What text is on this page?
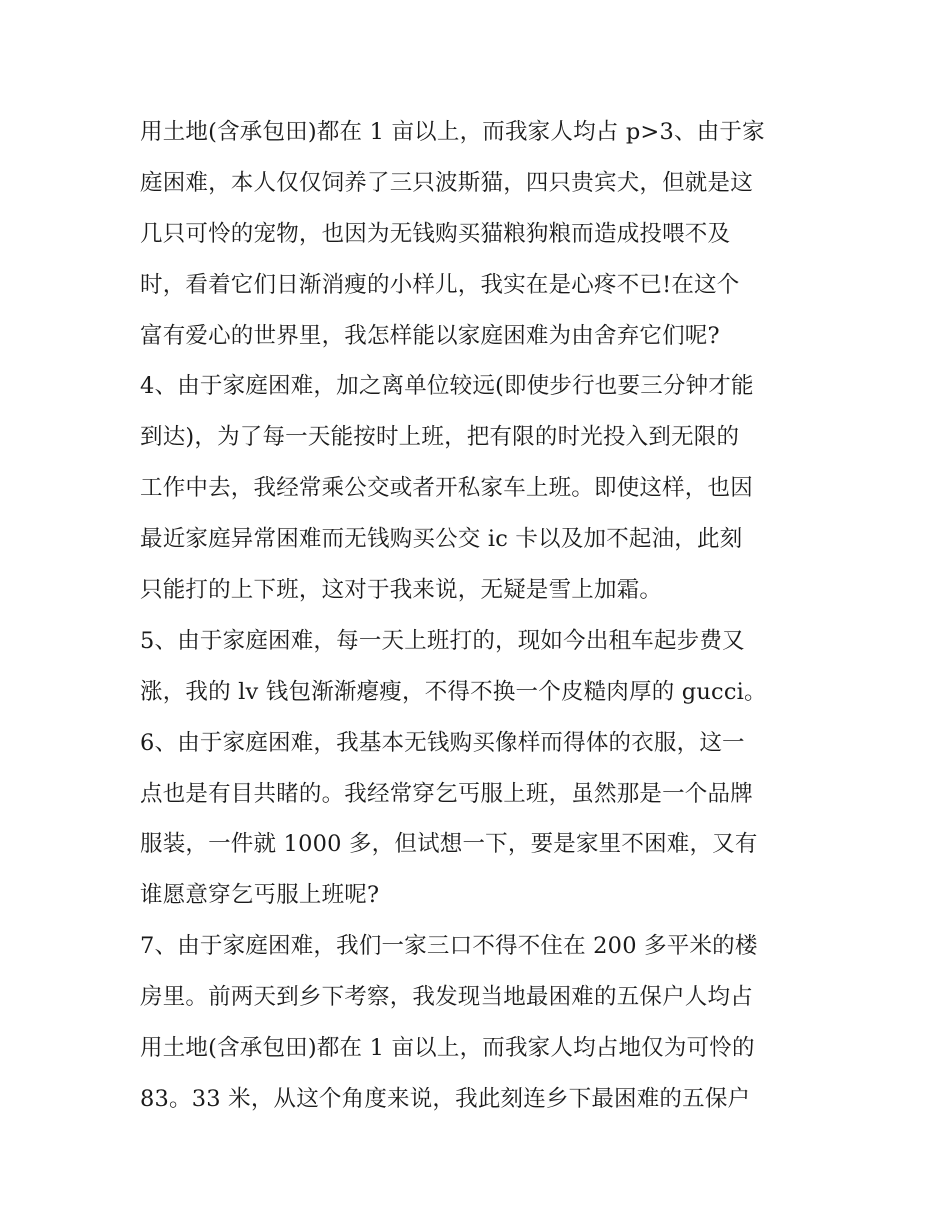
用土地(含承包田)都在 1 亩以上，而我家人均占 p>3、由于家
庭困难，本人仅仅饲养了三只波斯猫，四只贵宾犬，但就是这
几只可怜的宠物，也因为无钱购买猫粮狗粮而造成投喂不及
时，看着它们日渐消瘦的小样儿，我实在是心疼不已!在这个
富有爱心的世界里，我怎样能以家庭困难为由舍弃它们呢?
4、由于家庭困难，加之离单位较远(即使步行也要三分钟才能
到达)，为了每一天能按时上班，把有限的时光投入到无限的
工作中去，我经常乘公交或者开私家车上班。即使这样，也因
最近家庭异常困难而无钱购买公交 ic 卡以及加不起油，此刻
只能打的上下班，这对于我来说，无疑是雪上加霜。
5、由于家庭困难，每一天上班打的，现如今出租车起步费又
涨，我的 lv 钱包渐渐瘪瘦，不得不换一个皮糙肉厚的 gucci。
6、由于家庭困难，我基本无钱购买像样而得体的衣服，这一
点也是有目共睹的。我经常穿乞丐服上班，虽然那是一个品牌
服装，一件就 1000 多，但试想一下，要是家里不困难，又有
谁愿意穿乞丐服上班呢?
7、由于家庭困难，我们一家三口不得不住在 200 多平米的楼
房里。前两天到乡下考察，我发现当地最困难的五保户人均占
用土地(含承包田)都在 1 亩以上，而我家人均占地仅为可怜的
83。33 米，从这个角度来说，我此刻连乡下最困难的五保户
